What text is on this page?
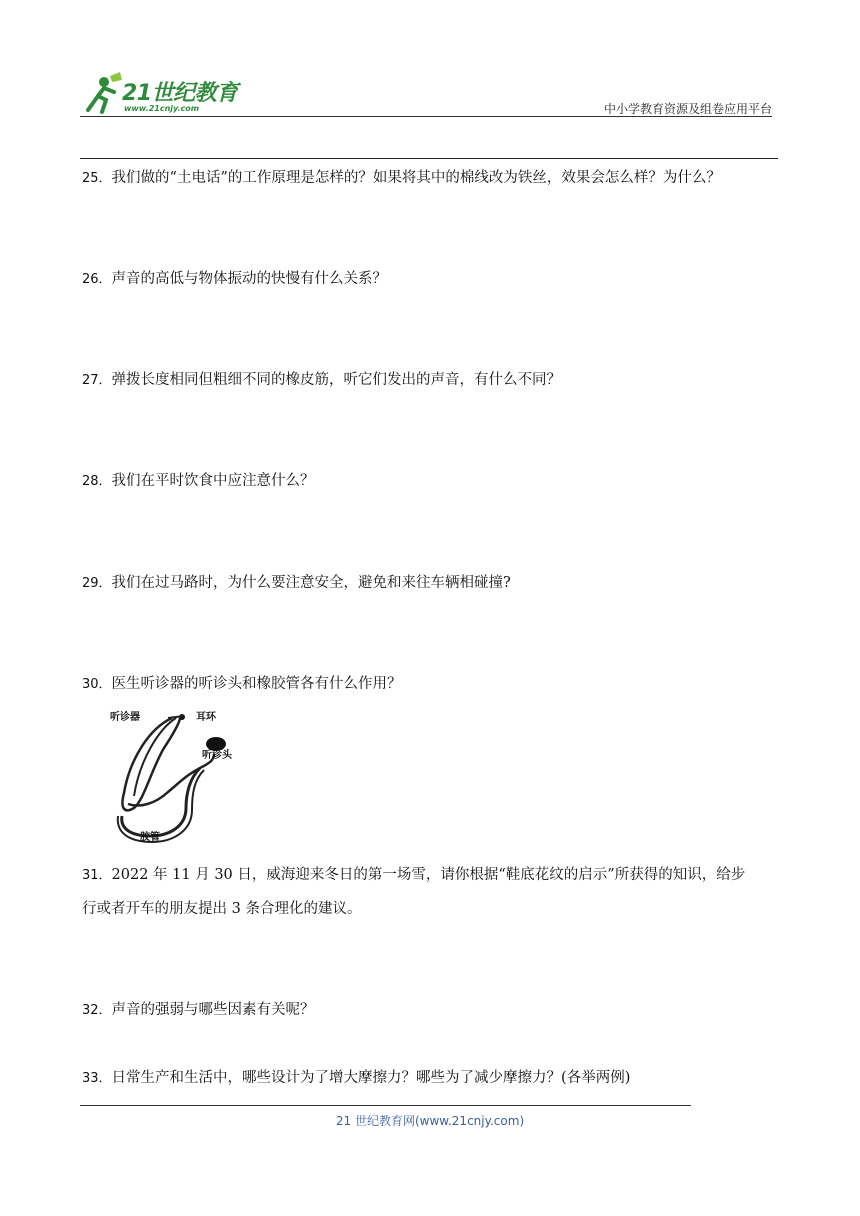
21世纪教育
www.21cnjy.com	中小学教育资源及组卷应用平台
25．我们做的“土电话”的工作原理是怎样的？如果将其中的棉线改为铁丝，效果会怎么样？为什么？
26．声音的高低与物体振动的快慢有什么关系？
27．弹拨长度相同但粗细不同的橡皮筋，听它们发出的声音，有什么不同？
28．我们在平时饮食中应注意什么？
29．我们在过马路时，为什么要注意安全，避免和来往车辆相碰撞?
30．医生听诊器的听诊头和橡胶管各有什么作用？
听诊器	耳环
听诊头
胶管
31．2022 年 11 月 30 日，威海迎来冬日的第一场雪，请你根据“鞋底花纹的启示”所获得的知识，给步
行或者开车的朋友提出 3 条合理化的建议。
32．声音的强弱与哪些因素有关呢？
33．日常生产和生活中，哪些设计为了增大摩擦力？哪些为了减少摩擦力？(各举两例)
21 世纪教育网(www.21cnjy.com)
